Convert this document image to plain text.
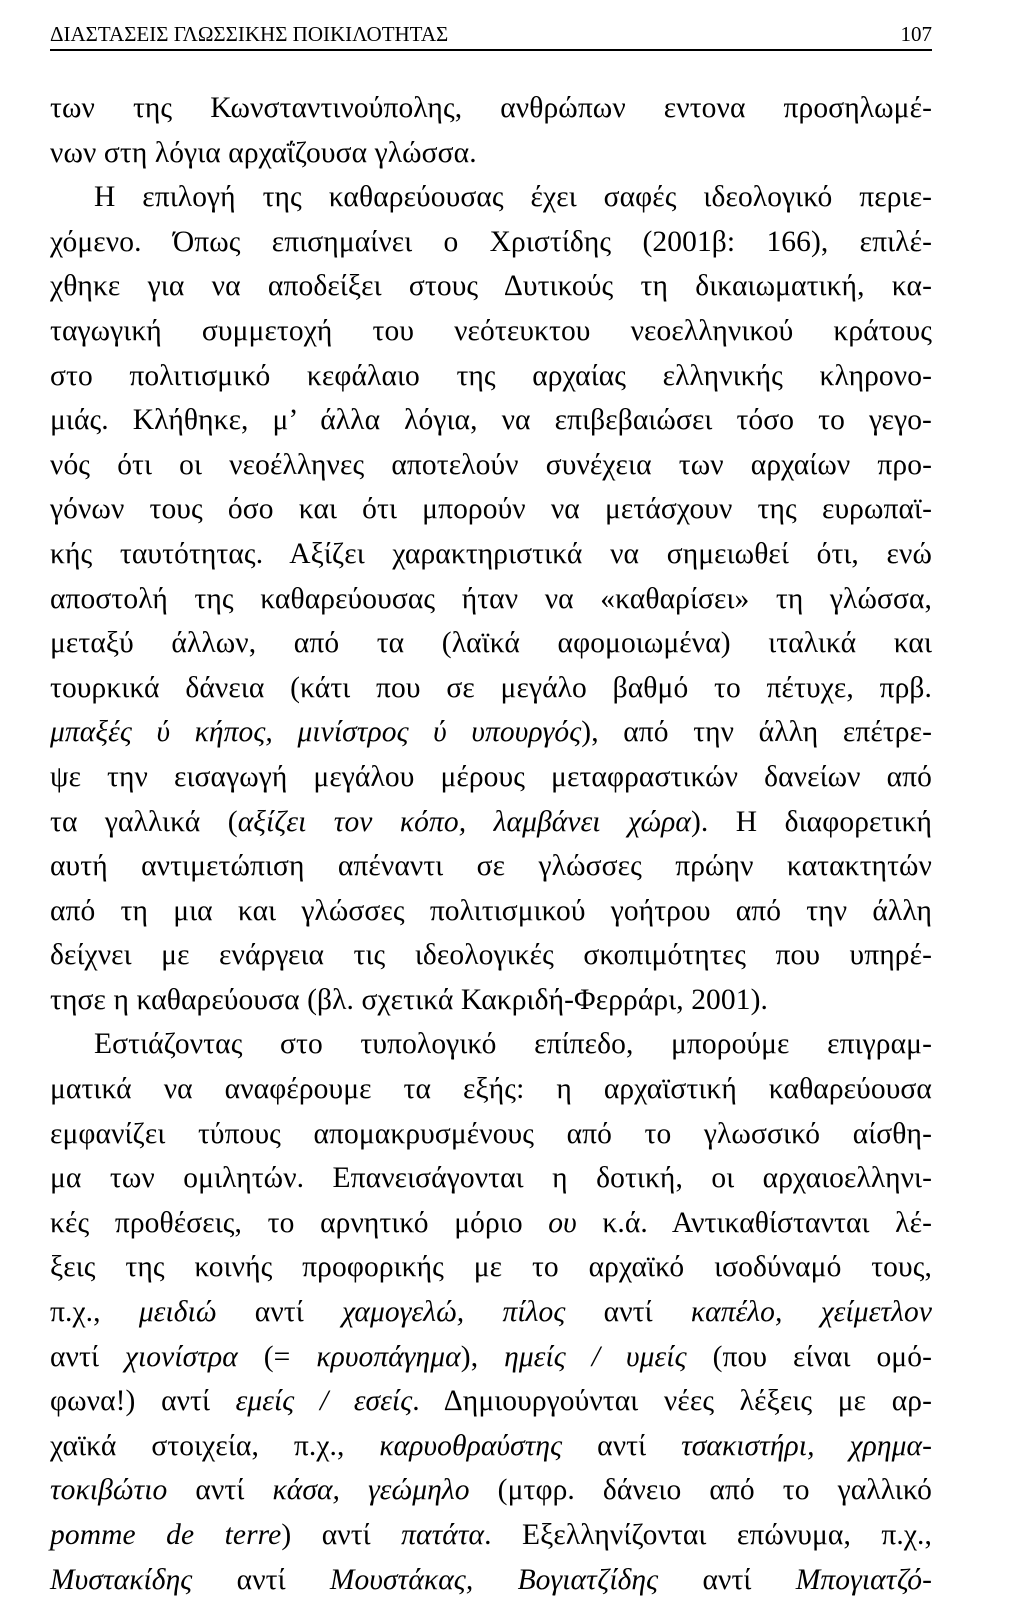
ΔΙΑΣΤΑΣΕΙΣ ΓΛΩΣΣΙΚΗΣ ΠΟΙΚΙΛΟΤΗΤΑΣ	107
των της Κωνσταντινούπολης, ανθρώπων εντονα προσηλωμέ-
νων στη λόγια αρχαΐζουσα γλώσσα.
Η επιλογή της καθαρεύουσας έχει σαφές ιδεολογικό περιε-
χόμενο. Όπως επισημαίνει ο Χριστίδης (2001β: 166), επιλέ-
χθηκε για να αποδείξει στους Δυτικούς τη δικαιωματική, κα-
ταγωγική συμμετοχή του νεότευκτου νεοελληνικού κράτους
στο πολιτισμικό κεφάλαιο της αρχαίας ελληνικής κληρονο-
μιάς. Κλήθηκε, μ’ άλλα λόγια, να επιβεβαιώσει τόσο το γεγο-
νός ότι οι νεοέλληνες αποτελούν συνέχεια των αρχαίων προ-
γόνων τους όσο και ότι μπορούν να μετάσχουν της ευρωπαϊ-
κής ταυτότητας. Αξίζει χαρακτηριστικά να σημειωθεί ότι, ενώ
αποστολή της καθαρεύουσας ήταν να «καθαρίσει» τη γλώσσα,
μεταξύ άλλων, από τα (λαϊκά αφομοιωμένα) ιταλικά και
τουρκικά δάνεια (κάτι που σε μεγάλο βαθμό το πέτυχε, πρβ.
μπαξές ύ κήπος, μινίστρος ύ υπουργός), από την άλλη επέτρε-
ψε την εισαγωγή μεγάλου μέρους μεταφραστικών δανείων από
τα γαλλικά (αξίζει τον κόπο, λαμβάνει χώρα). Η διαφορετική
αυτή αντιμετώπιση απέναντι σε γλώσσες πρώην κατακτητών
από τη μια και γλώσσες πολιτισμικού γοήτρου από την άλλη
δείχνει με ενάργεια τις ιδεολογικές σκοπιμότητες που υπηρέ-
τησε η καθαρεύουσα (βλ. σχετικά Κακριδή-Φερράρι, 2001).
Εστιάζοντας στο τυπολογικό επίπεδο, μπορούμε επιγραμ-
ματικά να αναφέρουμε τα εξής: η αρχαϊστική καθαρεύουσα
εμφανίζει τύπους απομακρυσμένους από το γλωσσικό αίσθη-
μα των ομιλητών. Επανεισάγονται η δοτική, οι αρχαιοελληνι-
κές προθέσεις, το αρνητικό μόριο ου κ.ά. Αντικαθίστανται λέ-
ξεις της κοινής προφορικής με το αρχαϊκό ισοδύναμό τους,
π.χ., μειδιώ αντί χαμογελώ, πίλος αντί καπέλο, χείμετλον
αντί χιονίστρα (= κρυοπάγημα), ημείς / υμείς (που είναι ομό-
φωνα!) αντί εμείς / εσείς. Δημιουργούνται νέες λέξεις με αρ-
χαϊκά στοιχεία, π.χ., καρυοθραύστης αντί τσακιστήρι, χρημα-
τοκιβώτιο αντί κάσα, γεώμηλο (μτφρ. δάνειο από το γαλλικό
pomme de terre) αντί πατάτα. Εξελληνίζονται επώνυμα, π.χ.,
Μυστακίδης αντί Μουστάκας, Βογιατζίδης αντί Μπογιατζό-
